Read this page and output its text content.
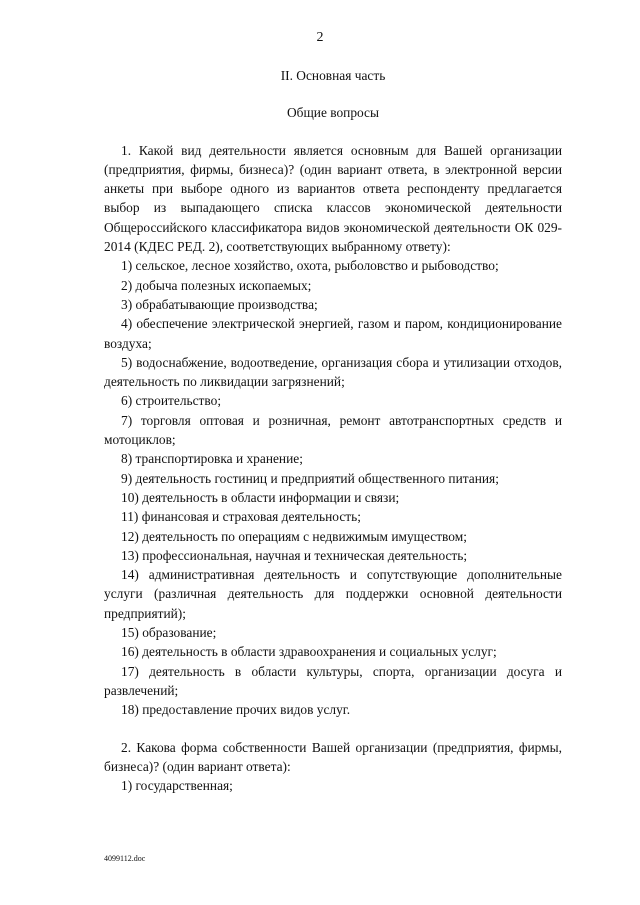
2
II. Основная часть
Общие вопросы

1. Какой вид деятельности является основным для Вашей организации (предприятия, фирмы, бизнеса)? (один вариант ответа, в электронной версии анкеты при выборе одного из вариантов ответа респонденту предлагается выбор из выпадающего списка классов экономической деятельности Общероссийского классификатора видов экономической деятельности ОК 029-2014 (КДЕС РЕД. 2), соответствующих выбранному ответу):

1) сельское, лесное хозяйство, охота, рыболовство и рыбоводство;
2) добыча полезных ископаемых;
3) обрабатывающие производства;
4) обеспечение электрической энергией, газом и паром, кондиционирование воздуха;
5) водоснабжение, водоотведение, организация сбора и утилизации отходов, деятельность по ликвидации загрязнений;
6) строительство;
7) торговля оптовая и розничная, ремонт автотранспортных средств и мотоциклов;
8) транспортировка и хранение;
9) деятельность гостиниц и предприятий общественного питания;
10) деятельность в области информации и связи;
11) финансовая и страховая деятельность;
12) деятельность по операциям с недвижимым имуществом;
13) профессиональная, научная и техническая деятельность;
14) административная деятельность и сопутствующие дополнительные услуги (различная деятельность для поддержки основной деятельности предприятий);
15) образование;
16) деятельность в области здравоохранения и социальных услуг;
17) деятельность в области культуры, спорта, организации досуга и развлечений;
18) предоставление прочих видов услуг.

2. Какова форма собственности Вашей организации (предприятия, фирмы, бизнеса)? (один вариант ответа):

1) государственная;
4099112.doc
